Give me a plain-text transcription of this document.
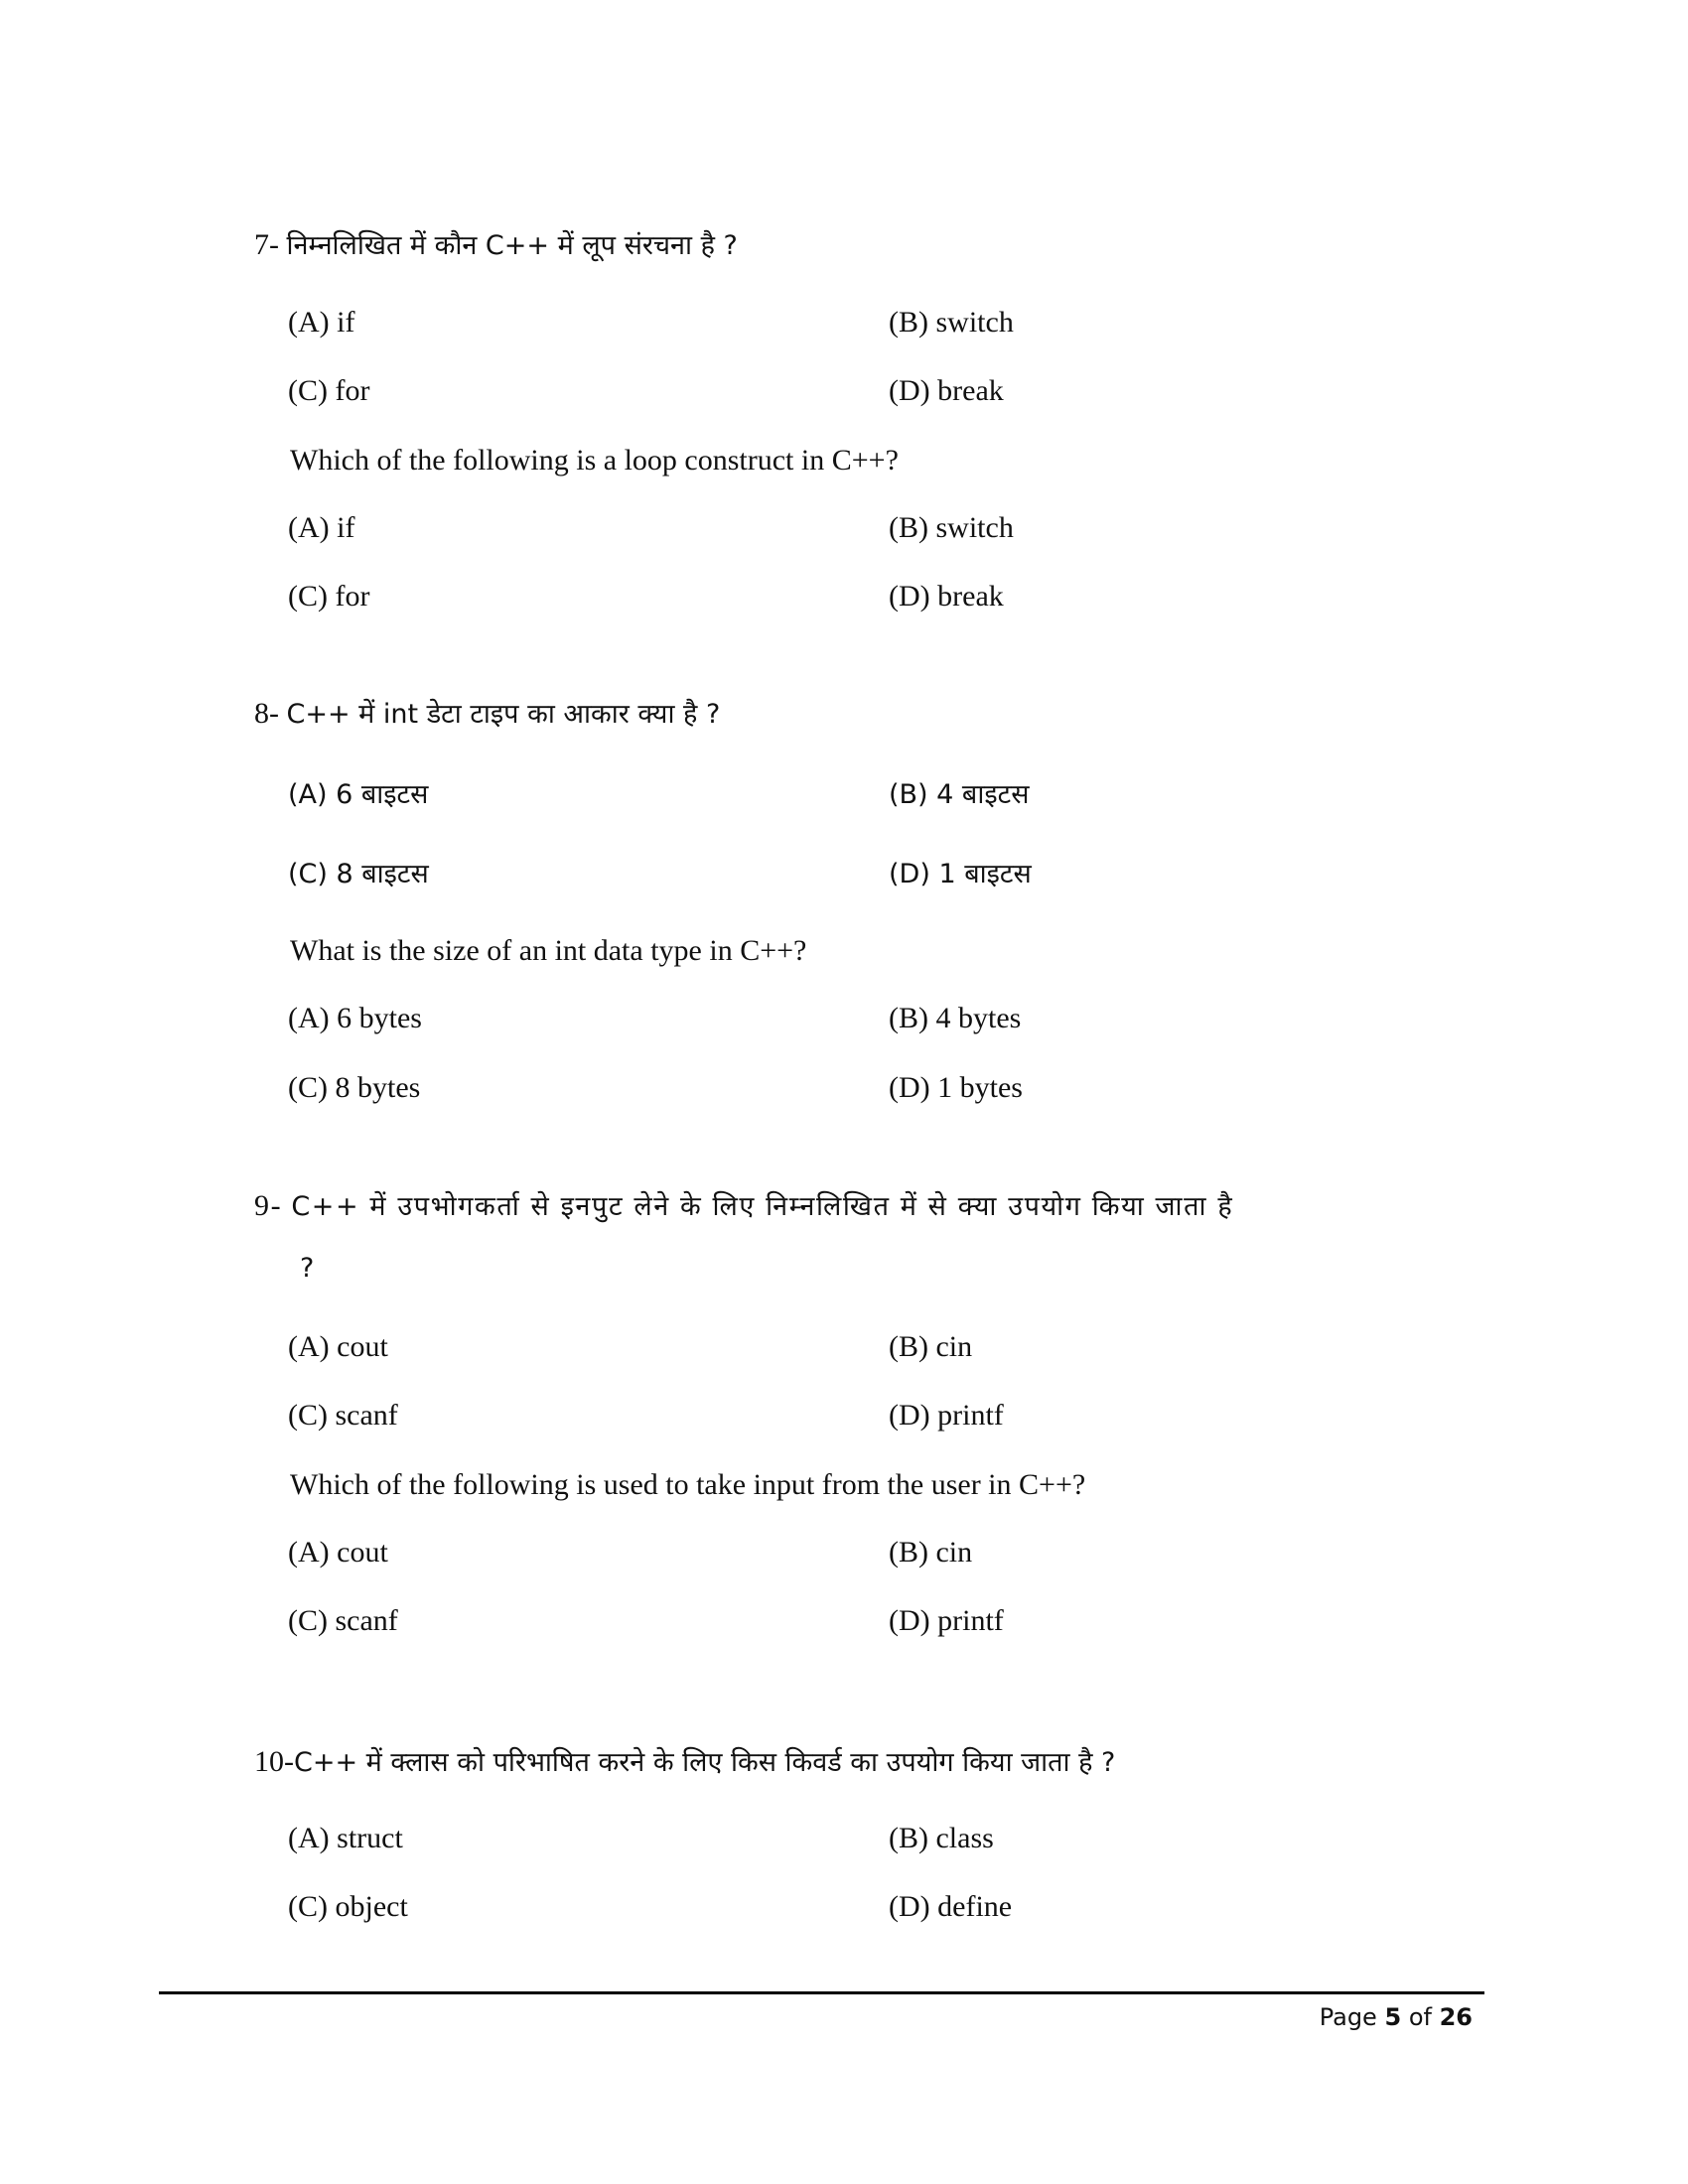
7- निम्नलिखित में कौन C++ में लूप संरचना है ?
(A) if	(B) switch
(C) for	(D) break
Which of the following is a loop construct in C++?
(A) if	(B) switch
(C) for	(D) break
8- C++ में int डेटा टाइप का आकार क्या है ?
(A) 6 बाइटस	(B) 4 बाइटस
(C) 8 बाइटस	(D) 1 बाइटस
What is the size of an int data type in C++?
(A) 6 bytes	(B) 4 bytes
(C) 8 bytes	(D) 1 bytes
9- C++ में उपभोगकर्ता से इनपुट लेने के लिए निम्नलिखित में से क्या उपयोग किया जाता है
?
(A) cout	(B) cin
(C) scanf	(D) printf
Which of the following is used to take input from the user in C++?
(A) cout	(B) cin
(C) scanf	(D) printf
10-C++ में क्लास को परिभाषित करने के लिए किस किवर्ड का उपयोग किया जाता है ?
(A) struct	(B) class
(C) object	(D) define
Page 5 of 26
